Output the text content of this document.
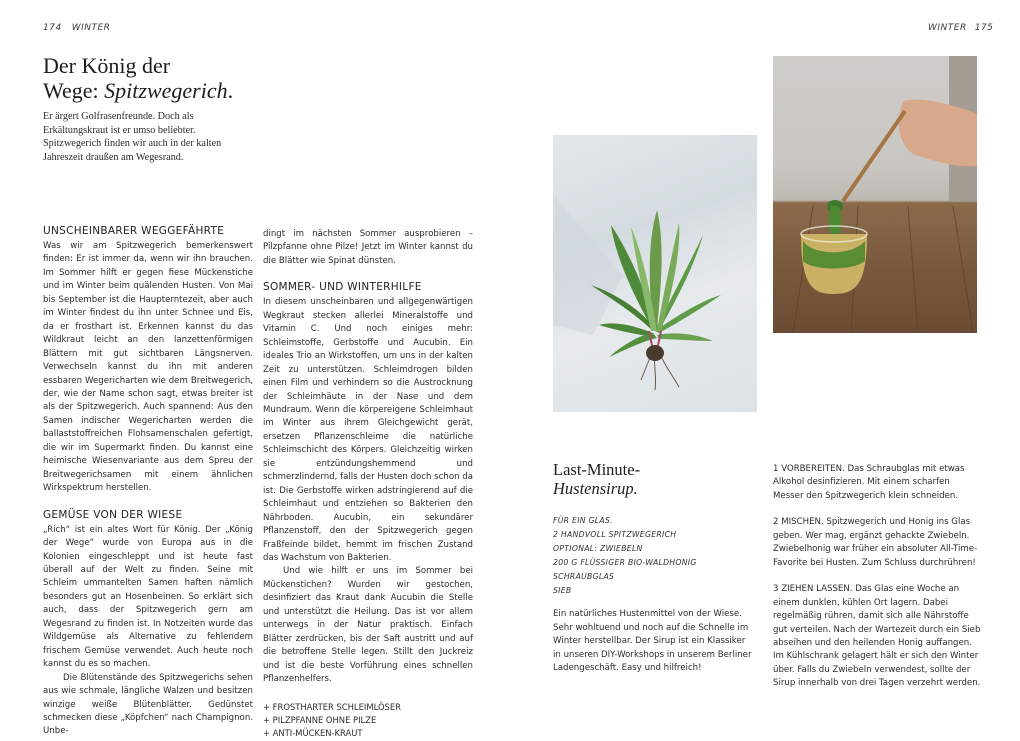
174 WINTER
Der König der
Wege: Spitzwegerich.
Er ärgert Golfrasenfreunde. Doch als Erkältungskraut ist er umso beliebter. Spitzwegerich finden wir auch in der kalten Jahreszeit draußen am Wegesrand.
UNSCHEINBARER WEGGEFÄHRTE

Was wir am Spitzwegerich bemerkenswert finden: Er ist immer da, wenn wir ihn brauchen. Im Sommer hilft er gegen fiese Mückenstiche und im Winter beim quälenden Husten. Von Mai bis September ist die Haupterntezeit, aber auch im Winter findest du ihn unter Schnee und Eis, da er frosthart ist. Erkennen kannst du das Wildkraut leicht an den lanzettenförmigen Blättern mit gut sichtbaren Längsnerven. Verwechseln kannst du ihn mit anderen essbaren Wegericharten wie dem Breitwegerich, der, wie der Name schon sagt, etwas breiter ist als der Spitzwegerich. Auch spannend: Aus den Samen indischer Wegericharten werden die ballaststoffreichen Flohsamenschalen gefertigt, die wir im Supermarkt finden. Du kannst eine heimische Wiesenvariante aus dem Spreu der Breitwegerichsamen mit einem ähnlichen Wirkspektrum herstellen.

GEMÜSE VON DER WIESE

„Rich“ ist ein altes Wort für König. Der „König der Wege“ wurde von Europa aus in die Kolonien eingeschleppt und ist heute fast überall auf der Welt zu finden. Seine mit Schleim ummantelten Samen haften nämlich besonders gut an Hosenbeinen. So erklärt sich auch, dass der Spitzwegerich gern am Wegesrand zu finden ist. In Notzeiten wurde das Wildgemüse als Alternative zu fehlendem frischem Gemüse verwendet. Auch heute noch kannst du es so machen.

Die Blütenstände des Spitzwegerichs sehen aus wie schmale, längliche Walzen und besitzen winzige weiße Blütenblätter. Gedünstet schmecken diese „Köpfchen“ nach Champignon. Unbe-

dingt im nächsten Sommer ausprobieren – Pilzpfanne ohne Pilze! Jetzt im Winter kannst du die Blätter wie Spinat dünsten.

SOMMER- UND WINTERHILFE

In diesem unscheinbaren und allgegenwärtigen Wegkraut stecken allerlei Mineralstoffe und Vitamin C. Und noch einiges mehr: Schleimstoffe, Gerbstoffe und Aucubin. Ein ideales Trio an Wirkstoffen, um uns in der kalten Zeit zu unterstützen. Schleimdrogen bilden einen Film und verhindern so die Austrocknung der Schleimhäute in der Nase und dem Mundraum. Wenn die körpereigene Schleimhaut im Winter aus ihrem Gleichgewicht gerät, ersetzen Pflanzenschleime die natürliche Schleimschicht des Körpers. Gleichzeitig wirken sie entzündungshemmend und schmerzlindernd, falls der Husten doch schon da ist. Die Gerbstoffe wirken adstringierend auf die Schleimhaut und entziehen so Bakterien den Nährboden. Aucubin, ein sekundärer Pflanzenstoff, den der Spitzwegerich gegen Fraßfeinde bildet, hemmt im frischen Zustand das Wachstum von Bakterien.

Und wie hilft er uns im Sommer bei Mückenstichen? Wurden wir gestochen, desinfiziert das Kraut dank Aucubin die Stelle und unterstützt die Heilung. Das ist vor allem unterwegs in der Natur praktisch. Einfach Blätter zerdrücken, bis der Saft austritt und auf die betroffene Stelle legen. Stillt den Juckreiz und ist die beste Vorführung eines schnellen Pflanzenhelfers.

+ FROSTHARTER SCHLEIMLÖSER
+ PILZPFANNE OHNE PILZE
+ ANTI-MÜCKEN-KRAUT
WINTER 175
Last-Minute-
Hustensirup.
FÜR EIN GLAS.
2 HANDVOLL SPITZWEGERICH
OPTIONAL: ZWIEBELN
200 G FLÜSSIGER BIO-WALDHONIG
SCHRAUBGLAS
SIEB
Ein natürliches Hustenmittel von der Wiese. Sehr wohltuend und noch auf die Schnelle im Winter herstellbar. Der Sirup ist ein Klassiker in unseren DIY-Workshops in unserem Berliner Ladengeschäft. Easy und hilfreich!

1 VORBEREITEN. Das Schraubglas mit etwas Alkohol desinfizieren. Mit einem scharfen Messer den Spitzwegerich klein schneiden.

2 MISCHEN. Spitzwegerich und Honig ins Glas geben. Wer mag, ergänzt gehackte Zwiebeln. Zwiebelhonig war früher ein absoluter All-Time-Favorite bei Husten. Zum Schluss durchrühren!

3 ZIEHEN LASSEN. Das Glas eine Woche an einem dunklen, kühlen Ort lagern. Dabei regelmäßig rühren, damit sich alle Nährstoffe gut verteilen. Nach der Wartezeit durch ein Sieb abseihen und den heilenden Honig auffangen. Im Kühlschrank gelagert hält er sich den Winter über. Falls du Zwiebeln verwendest, sollte der Sirup innerhalb von drei Tagen verzehrt werden.
